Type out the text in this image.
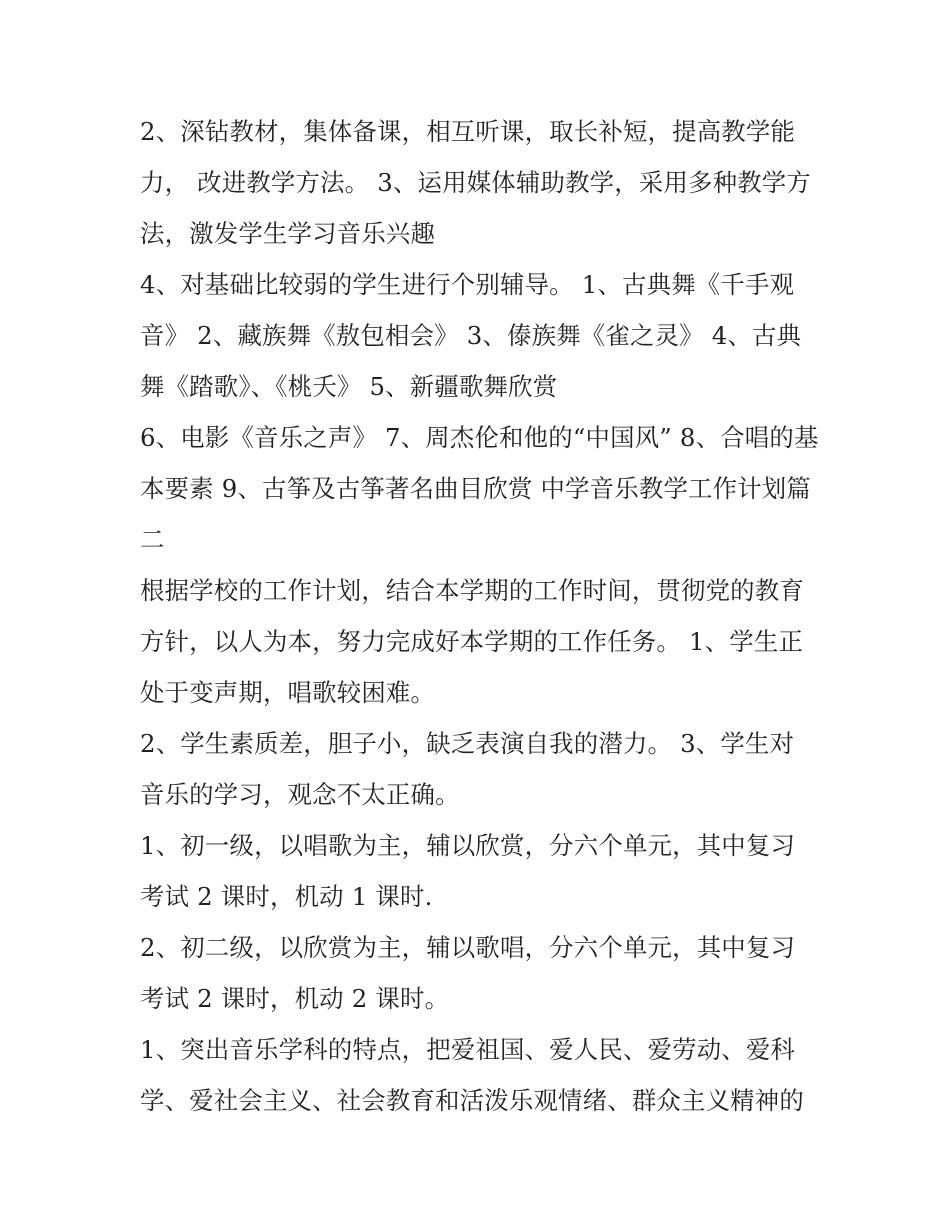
2、深钻教材，集体备课，相互听课，取长补短，提高教学能
力， 改进教学方法。 3、运用媒体辅助教学，采用多种教学方
法，激发学生学习音乐兴趣
4、对基础比较弱的学生进行个别辅导。 1、古典舞《千手观
音》 2、藏族舞《敖包相会》 3、傣族舞《雀之灵》 4、古典
舞《踏歌》、《桃夭》 5、新疆歌舞欣赏
6、电影《音乐之声》 7、周杰伦和他的“中国风” 8、合唱的基
本要素 9、古筝及古筝著名曲目欣赏 中学音乐教学工作计划篇
二
根据学校的工作计划，结合本学期的工作时间，贯彻党的教育
方针，以人为本，努力完成好本学期的工作任务。 1、学生正
处于变声期，唱歌较困难。
2、学生素质差，胆子小，缺乏表演自我的潜力。 3、学生对
音乐的学习，观念不太正确。
1、初一级，以唱歌为主，辅以欣赏，分六个单元，其中复习
考试 2 课时，机动 1 课时.
2、初二级，以欣赏为主，辅以歌唱，分六个单元，其中复习
考试 2 课时，机动 2 课时。
1、突出音乐学科的特点，把爱祖国、爱人民、爱劳动、爱科
学、爱社会主义、社会教育和活泼乐观情绪、群众主义精神的
